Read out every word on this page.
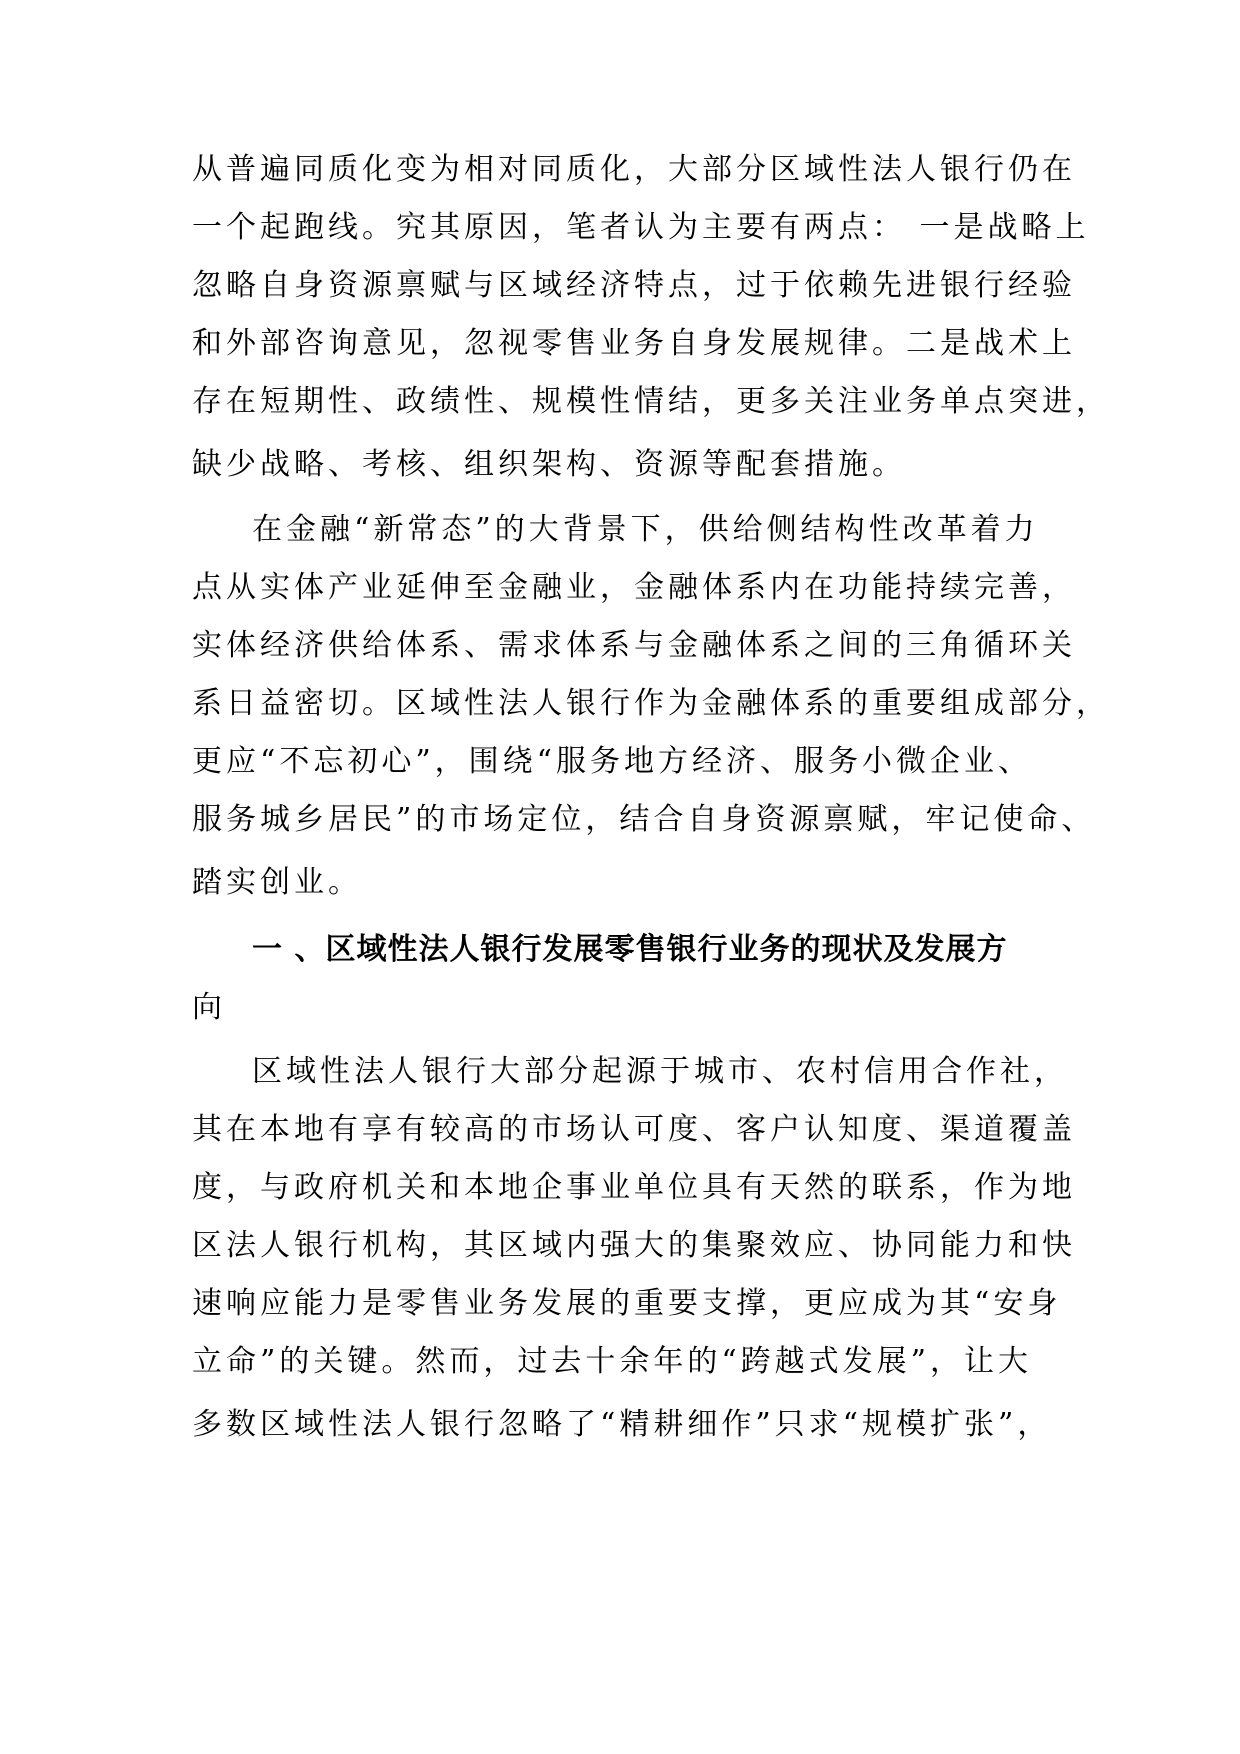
从普遍同质化变为相对同质化，大部分区域性法人银行仍在
一个起跑线。究其原因，笔者认为主要有两点： 一是战略上
忽略自身资源禀赋与区域经济特点，过于依赖先进银行经验
和外部咨询意见，忽视零售业务自身发展规律。二是战术上
存在短期性、政绩性、规模性情结，更多关注业务单点突进，
缺少战略、考核、组织架构、资源等配套措施。
在金融“新常态”的大背景下，供给侧结构性改革着力
点从实体产业延伸至金融业，金融体系内在功能持续完善，
实体经济供给体系、需求体系与金融体系之间的三角循环关
系日益密切。区域性法人银行作为金融体系的重要组成部分，
更应“不忘初心”，围绕“服务地方经济、服务小微企业、
服务城乡居民”的市场定位，结合自身资源禀赋，牢记使命、
踏实创业。
一 、区域性法人银行发展零售银行业务的现状及发展方
向
区域性法人银行大部分起源于城市、农村信用合作社，
其在本地有享有较高的市场认可度、客户认知度、渠道覆盖
度，与政府机关和本地企事业单位具有天然的联系，作为地
区法人银行机构，其区域内强大的集聚效应、协同能力和快
速响应能力是零售业务发展的重要支撑，更应成为其“安身
立命”的关键。然而，过去十余年的“跨越式发展”，让大
多数区域性法人银行忽略了“精耕细作”只求“规模扩张”，
